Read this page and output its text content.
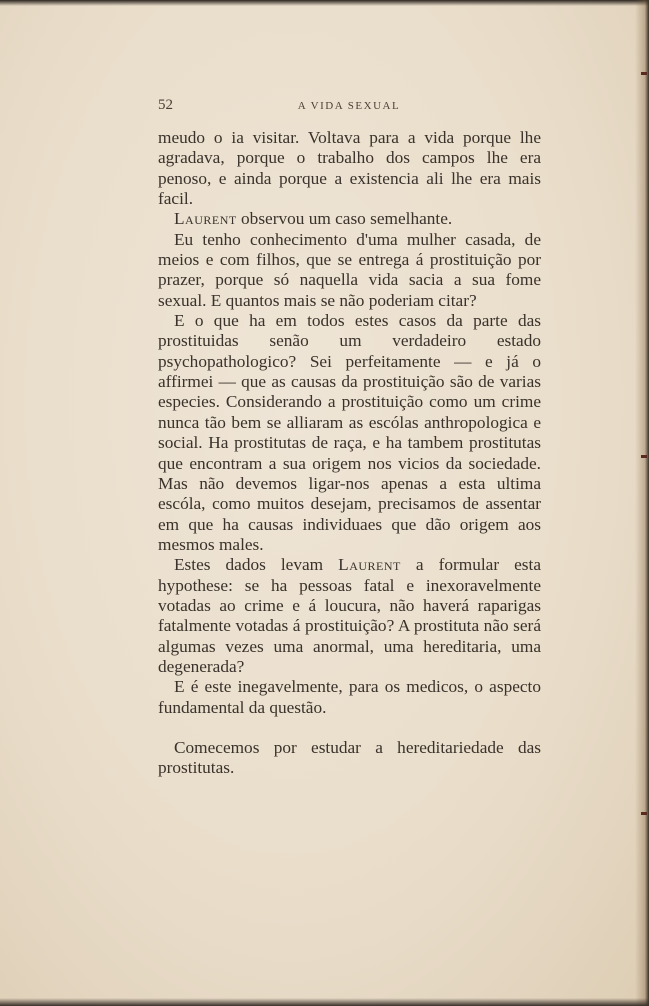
52	A VIDA SEXUAL

meudo o ia visitar. Voltava para a vida porque lhe agradava, porque o trabalho dos campos lhe era penoso, e ainda porque a existencia ali lhe era mais facil.

Laurent observou um caso semelhante.

Eu tenho conhecimento d'uma mulher casada, de meios e com filhos, que se entrega á prostituição por prazer, porque só naquella vida sacia a sua fome sexual. E quantos mais se não poderiam citar?

E o que ha em todos estes casos da parte das prostituidas senão um verdadeiro estado psychopathologico? Sei perfeitamente — e já o affirmei — que as causas da prostituição são de varias especies. Considerando a prostituição como um crime nunca tão bem se alliaram as escólas anthropologica e social. Ha prostitutas de raça, e ha tambem prostitutas que encontram a sua origem nos vicios da sociedade. Mas não devemos ligar-nos apenas a esta ultima escóla, como muitos desejam, precisamos de assentar em que ha causas individuaes que dão origem aos mesmos males.

Estes dados levam Laurent a formular esta hypothese: se ha pessoas fatal e inexoravelmente votadas ao crime e á loucura, não haverá raparigas fatalmente votadas á prostituição? A prostituta não será algumas vezes uma anormal, uma hereditaria, uma degenerada?

E é este inegavelmente, para os medicos, o aspecto fundamental da questão.

Comecemos por estudar a hereditariedade das prostitutas.
